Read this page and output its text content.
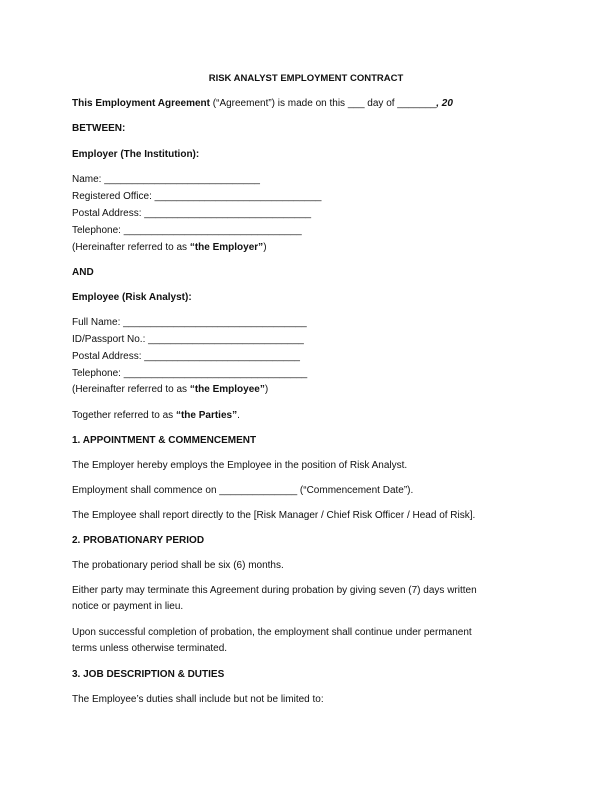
RISK ANALYST EMPLOYMENT CONTRACT
This Employment Agreement (“Agreement”) is made on this ___ day of _______, 20
BETWEEN:
Employer (The Institution):
Name: ____________________________
Registered Office: ______________________________
Postal Address: ______________________________
Telephone: ________________________________
(Hereinafter referred to as “the Employer”)
AND
Employee (Risk Analyst):
Full Name: _________________________________
ID/Passport No.: ____________________________
Postal Address: ____________________________
Telephone: _________________________________
(Hereinafter referred to as “the Employee”)
Together referred to as “the Parties”.
1. APPOINTMENT & COMMENCEMENT
The Employer hereby employs the Employee in the position of Risk Analyst.
Employment shall commence on ______________ (“Commencement Date”).
The Employee shall report directly to the [Risk Manager / Chief Risk Officer / Head of Risk].
2. PROBATIONARY PERIOD
The probationary period shall be six (6) months.
Either party may terminate this Agreement during probation by giving seven (7) days written
notice or payment in lieu.
Upon successful completion of probation, the employment shall continue under permanent
terms unless otherwise terminated.
3. JOB DESCRIPTION & DUTIES
The Employee’s duties shall include but not be limited to:
